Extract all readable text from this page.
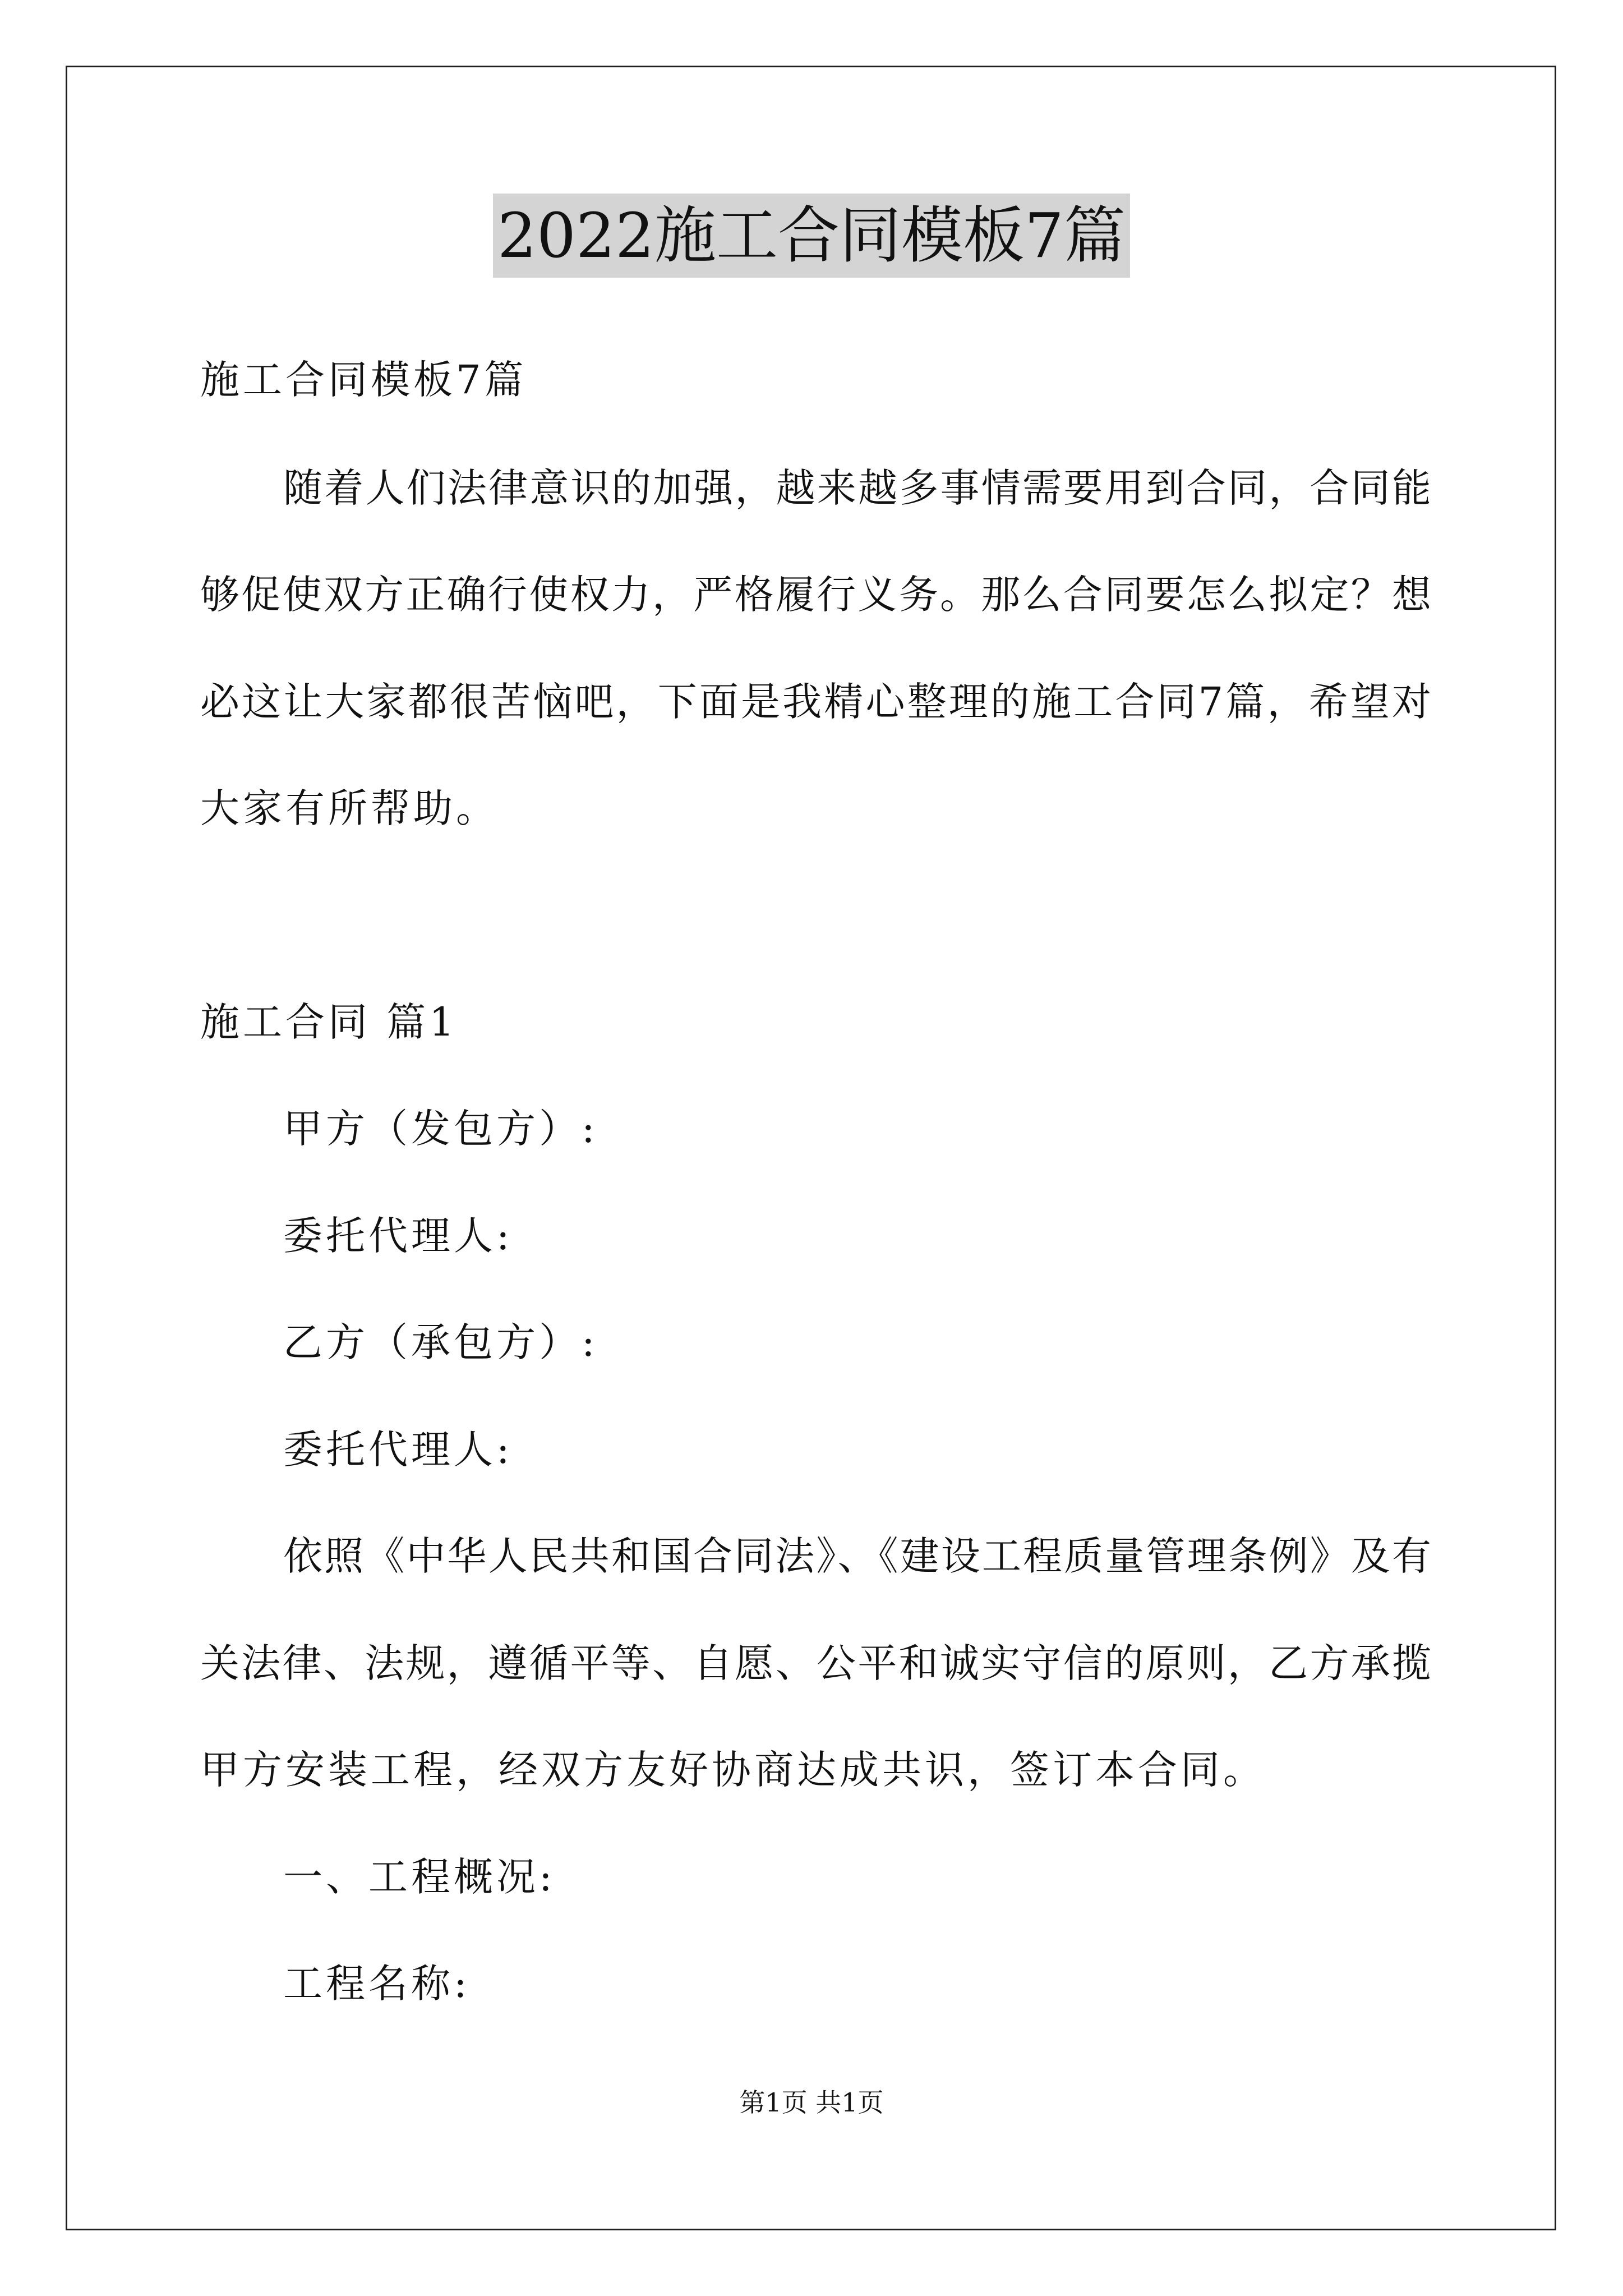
2022施工合同模板7篇
施工合同模板7篇
随着人们法律意识的加强，越来越多事情需要用到合同，合同能
够促使双方正确行使权力，严格履行义务。那么合同要怎么拟定？想
必这让大家都很苦恼吧，下面是我精心整理的施工合同7篇，希望对
大家有所帮助。
施工合同 篇1
甲方（发包方）:
委托代理人:
乙方（承包方）:
委托代理人:
依照《中华人民共和国合同法》、《建设工程质量管理条例》及有
关法律、法规，遵循平等、自愿、公平和诚实守信的原则，乙方承揽
甲方安装工程，经双方友好协商达成共识，签订本合同。
一、工程概况:
工程名称:
第1页 共1页
